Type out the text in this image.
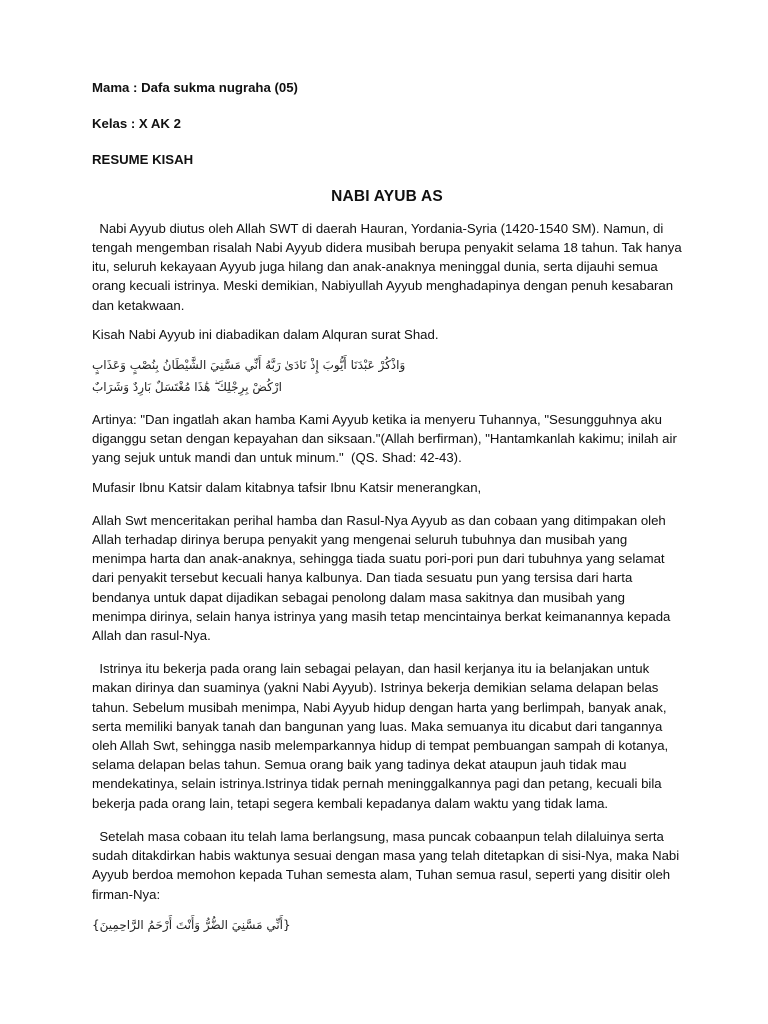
Mama : Dafa sukma nugraha (05)

Kelas : X AK 2

RESUME KISAH

NABI AYUB AS

Nabi Ayyub diutus oleh Allah SWT di daerah Hauran, Yordania-Syria (1420-1540 SM). Namun, di tengah mengemban risalah Nabi Ayyub didera musibah berupa penyakit selama 18 tahun. Tak hanya itu, seluruh kekayaan Ayyub juga hilang dan anak-anaknya meninggal dunia, serta dijauhi semua orang kecuali istrinya. Meski demikian, Nabiyullah Ayyub menghadapinya dengan penuh kesabaran dan ketakwaan.

Kisah Nabi Ayyub ini diabadikan dalam Alquran surat Shad.

وَاذْكُرْ عَبْدَنَا أَيُّوبَ إِذْ نَادَىٰ رَبَّهُ أَنِّي مَسَّنِيَ الشَّيْطَانُ بِنُصْبٍ وَعَذَابٍ

ارْكُضْ بِرِجْلِكَ ۖ هَٰذَا مُغْتَسَلٌ بَارِدٌ وَشَرَابٌ

Artinya: "Dan ingatlah akan hamba Kami Ayyub ketika ia menyeru Tuhannya, "Sesungguhnya aku diganggu setan dengan kepayahan dan siksaan."(Allah berfirman), "Hantamkanlah kakimu; inilah air yang sejuk untuk mandi dan untuk minum."  (QS. Shad: 42-43).

Mufasir Ibnu Katsir dalam kitabnya tafsir Ibnu Katsir menerangkan,

Allah Swt menceritakan perihal hamba dan Rasul-Nya Ayyub as dan cobaan yang ditimpakan oleh Allah terhadap dirinya berupa penyakit yang mengenai seluruh tubuhnya dan musibah yang menimpa harta dan anak-anaknya, sehingga tiada suatu pori-pori pun dari tubuhnya yang selamat dari penyakit tersebut kecuali hanya kalbunya. Dan tiada sesuatu pun yang tersisa dari harta bendanya untuk dapat dijadikan sebagai penolong dalam masa sakitnya dan musibah yang menimpa dirinya, selain hanya istrinya yang masih tetap mencintainya berkat keimanannya kepada Allah dan rasul-Nya.

Istrinya itu bekerja pada orang lain sebagai pelayan, dan hasil kerjanya itu ia belanjakan untuk makan dirinya dan suaminya (yakni Nabi Ayyub). Istrinya bekerja demikian selama delapan belas tahun. Sebelum musibah menimpa, Nabi Ayyub hidup dengan harta yang berlimpah, banyak anak, serta memiliki banyak tanah dan bangunan yang luas. Maka semuanya itu dicabut dari tangannya oleh Allah Swt, sehingga nasib melemparkannya hidup di tempat pembuangan sampah di kotanya, selama delapan belas tahun. Semua orang baik yang tadinya dekat ataupun jauh tidak mau mendekatinya, selain istrinya.Istrinya tidak pernah meninggalkannya pagi dan petang, kecuali bila bekerja pada orang lain, tetapi segera kembali kepadanya dalam waktu yang tidak lama.

Setelah masa cobaan itu telah lama berlangsung, masa puncak cobaanpun telah dilaluinya serta sudah ditakdirkan habis waktunya sesuai dengan masa yang telah ditetapkan di sisi-Nya, maka Nabi Ayyub berdoa memohon kepada Tuhan semesta alam, Tuhan semua rasul, seperti yang disitir oleh firman-Nya:

{أَنِّي مَسَّنِيَ الضُّرُّ وَأَنْتَ أَرْحَمُ الرَّاحِمِينَ}
